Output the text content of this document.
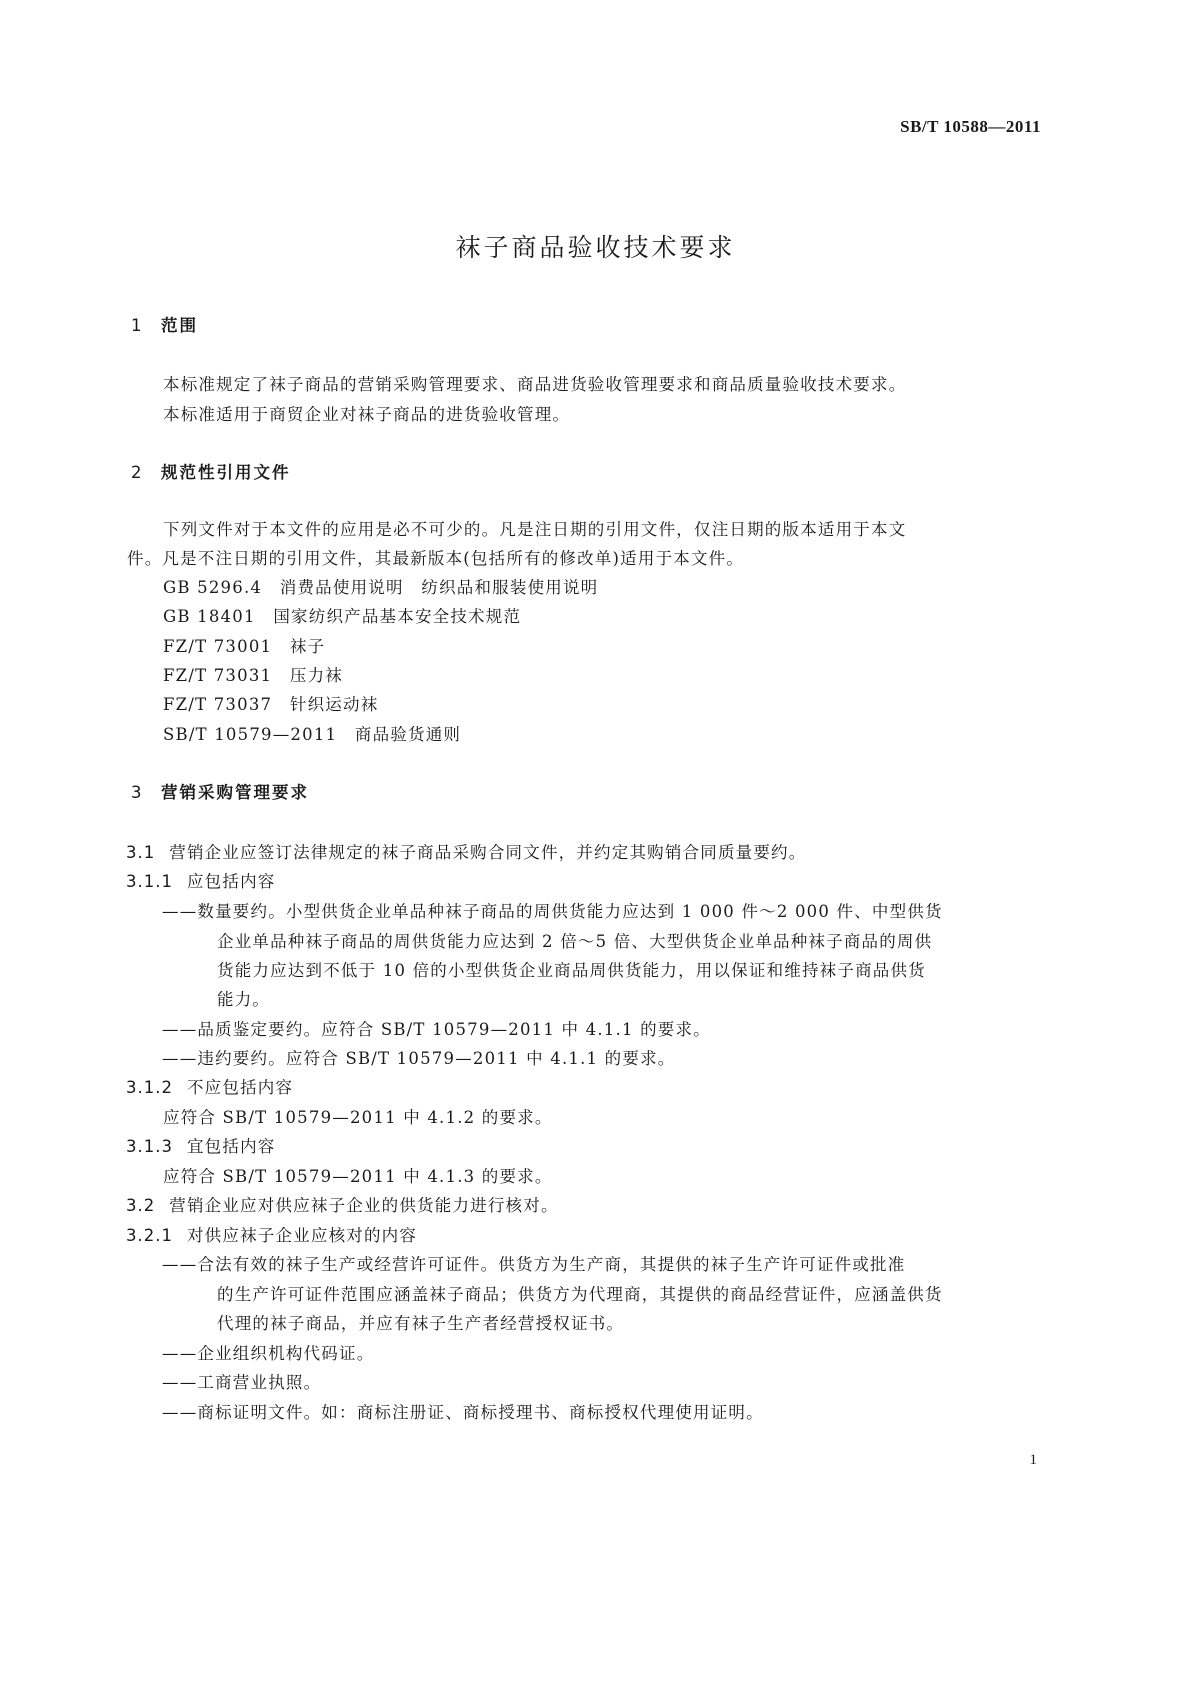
SB/T 10588—2011
袜子商品验收技术要求
1 范围
本标准规定了袜子商品的营销采购管理要求、商品进货验收管理要求和商品质量验收技术要求。
本标准适用于商贸企业对袜子商品的进货验收管理。
2 规范性引用文件
下列文件对于本文件的应用是必不可少的。凡是注日期的引用文件，仅注日期的版本适用于本文
件。凡是不注日期的引用文件，其最新版本(包括所有的修改单)适用于本文件。
GB 5296.4　消费品使用说明　纺织品和服装使用说明
GB 18401　国家纺织产品基本安全技术规范
FZ/T 73001　袜子
FZ/T 73031　压力袜
FZ/T 73037　针织运动袜
SB/T 10579—2011　商品验货通则
3 营销采购管理要求
3.1 营销企业应签订法律规定的袜子商品采购合同文件，并约定其购销合同质量要约。
3.1.1 应包括内容
——数量要约。小型供货企业单品种袜子商品的周供货能力应达到 1 000 件～2 000 件、中型供货
企业单品种袜子商品的周供货能力应达到 2 倍～5 倍、大型供货企业单品种袜子商品的周供
货能力应达到不低于 10 倍的小型供货企业商品周供货能力，用以保证和维持袜子商品供货
能力。
——品质鉴定要约。应符合 SB/T 10579—2011 中 4.1.1 的要求。
——违约要约。应符合 SB/T 10579—2011 中 4.1.1 的要求。
3.1.2 不应包括内容
应符合 SB/T 10579—2011 中 4.1.2 的要求。
3.1.3 宜包括内容
应符合 SB/T 10579—2011 中 4.1.3 的要求。
3.2 营销企业应对供应袜子企业的供货能力进行核对。
3.2.1 对供应袜子企业应核对的内容
——合法有效的袜子生产或经营许可证件。供货方为生产商，其提供的袜子生产许可证件或批准
的生产许可证件范围应涵盖袜子商品；供货方为代理商，其提供的商品经营证件，应涵盖供货
代理的袜子商品，并应有袜子生产者经营授权证书。
——企业组织机构代码证。
——工商营业执照。
——商标证明文件。如：商标注册证、商标授理书、商标授权代理使用证明。
1
